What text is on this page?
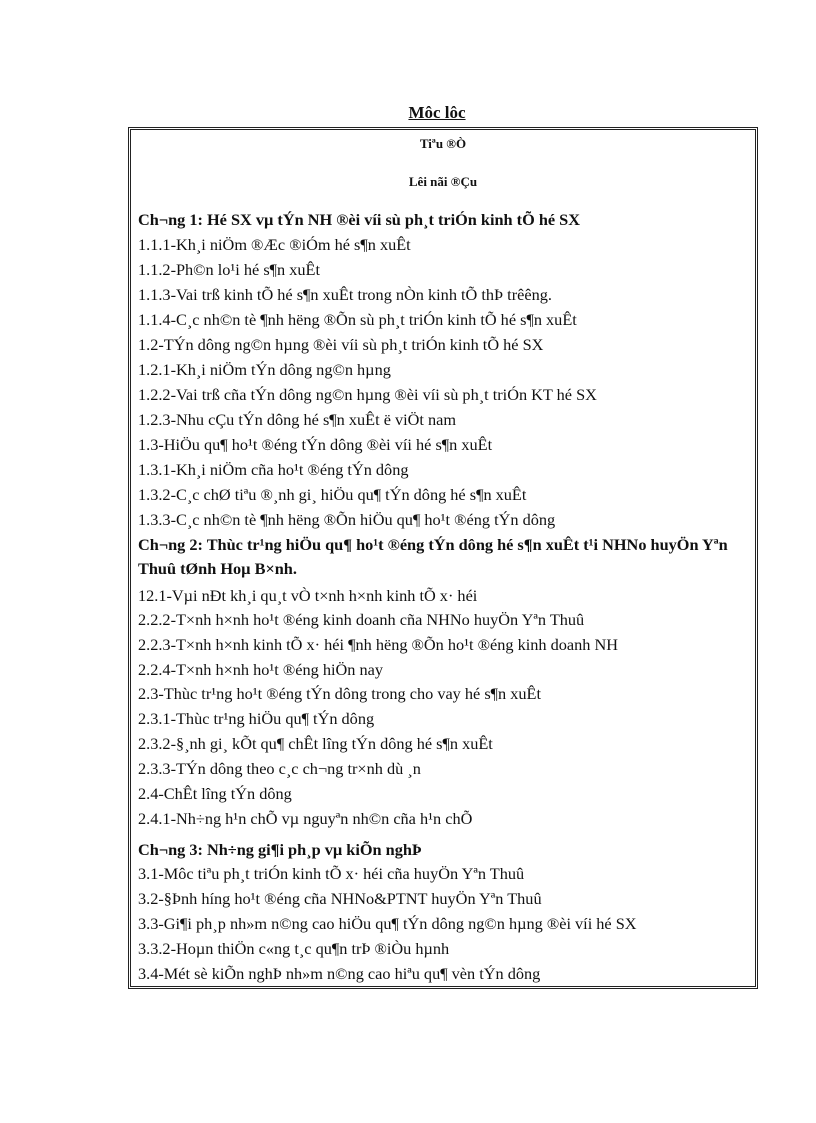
Môc lôc
Tiªu ®Ò
Lêi nãi ®Çu
Ch¬ng 1: Hé SX vµ tÝn NH ®èi víi sù ph¸t triÓn kinh tÕ hé SX
1.1.1-Kh¸i niÖm ®Æc ®iÓm hé s¶n xuÊt
1.1.2-Ph©n lo¹i hé s¶n xuÊt
1.1.3-Vai trß kinh tÕ hé s¶n xuÊt trong nÒn kinh tÕ thÞ trêêng.
1.1.4-C¸c nh©n tè ¶nh hëng ®Õn sù ph¸t triÓn kinh tÕ hé s¶n xuÊt
1.2-TÝn dông ng©n hµng ®èi víi sù ph¸t triÓn kinh tÕ hé SX
1.2.1-Kh¸i niÖm tÝn dông ng©n hµng
1.2.2-Vai trß cña tÝn dông ng©n hµng ®èi víi sù ph¸t triÓn KT hé SX
1.2.3-Nhu cÇu tÝn dông hé s¶n xuÊt ë viÖt nam
1.3-HiÖu qu¶ ho¹t ®éng tÝn dông ®èi víi hé s¶n xuÊt
1.3.1-Kh¸i niÖm cña ho¹t ®éng tÝn dông
1.3.2-C¸c chØ tiªu ®¸nh gi¸ hiÖu qu¶ tÝn dông hé s¶n xuÊt
1.3.3-C¸c nh©n tè ¶nh hëng ®Õn hiÖu qu¶ ho¹t ®éng tÝn dông
Ch¬ng 2: Thùc tr¹ng hiÖu qu¶ ho¹t ®éng tÝn dông hé s¶n xuÊt t¹i NHNo huyÖn Yªn Thuû tØnh Hoµ B×nh.
12.1-Vµi nÐt kh¸i qu¸t vÒ t×nh h×nh kinh tÕ x· héi
2.2.2-T×nh h×nh ho¹t ®éng kinh doanh cña NHNo huyÖn Yªn Thuû
2.2.3-T×nh h×nh kinh tÕ x· héi ¶nh hëng ®Õn ho¹t ®éng kinh doanh NH
2.2.4-T×nh h×nh ho¹t ®éng hiÖn nay
2.3-Thùc tr¹ng ho¹t ®éng tÝn dông trong cho vay hé s¶n xuÊt
2.3.1-Thùc tr¹ng hiÖu qu¶ tÝn dông
2.3.2-§¸nh gi¸ kÕt qu¶ chÊt lîng tÝn dông hé s¶n xuÊt
2.3.3-TÝn dông theo c¸c ch¬ng tr×nh dù ¸n
2.4-ChÊt lîng tÝn dông
2.4.1-Nh÷ng h¹n chÕ vµ nguyªn nh©n cña h¹n chÕ
Ch¬ng 3: Nh÷ng gi¶i ph¸p vµ kiÕn nghÞ
3.1-Môc tiªu ph¸t triÓn kinh tÕ x· héi cña huyÖn Yªn Thuû
3.2-§Þnh híng ho¹t ®éng cña NHNo&PTNT huyÖn Yªn Thuû
3.3-Gi¶i ph¸p nh»m n©ng cao hiÖu qu¶ tÝn dông ng©n hµng ®èi víi hé SX
3.3.2-Hoµn thiÖn c«ng t¸c qu¶n trÞ ®iÒu hµnh
3.4-Mét sè kiÕn nghÞ nh»m n©ng cao hiªu qu¶ vèn tÝn dông
